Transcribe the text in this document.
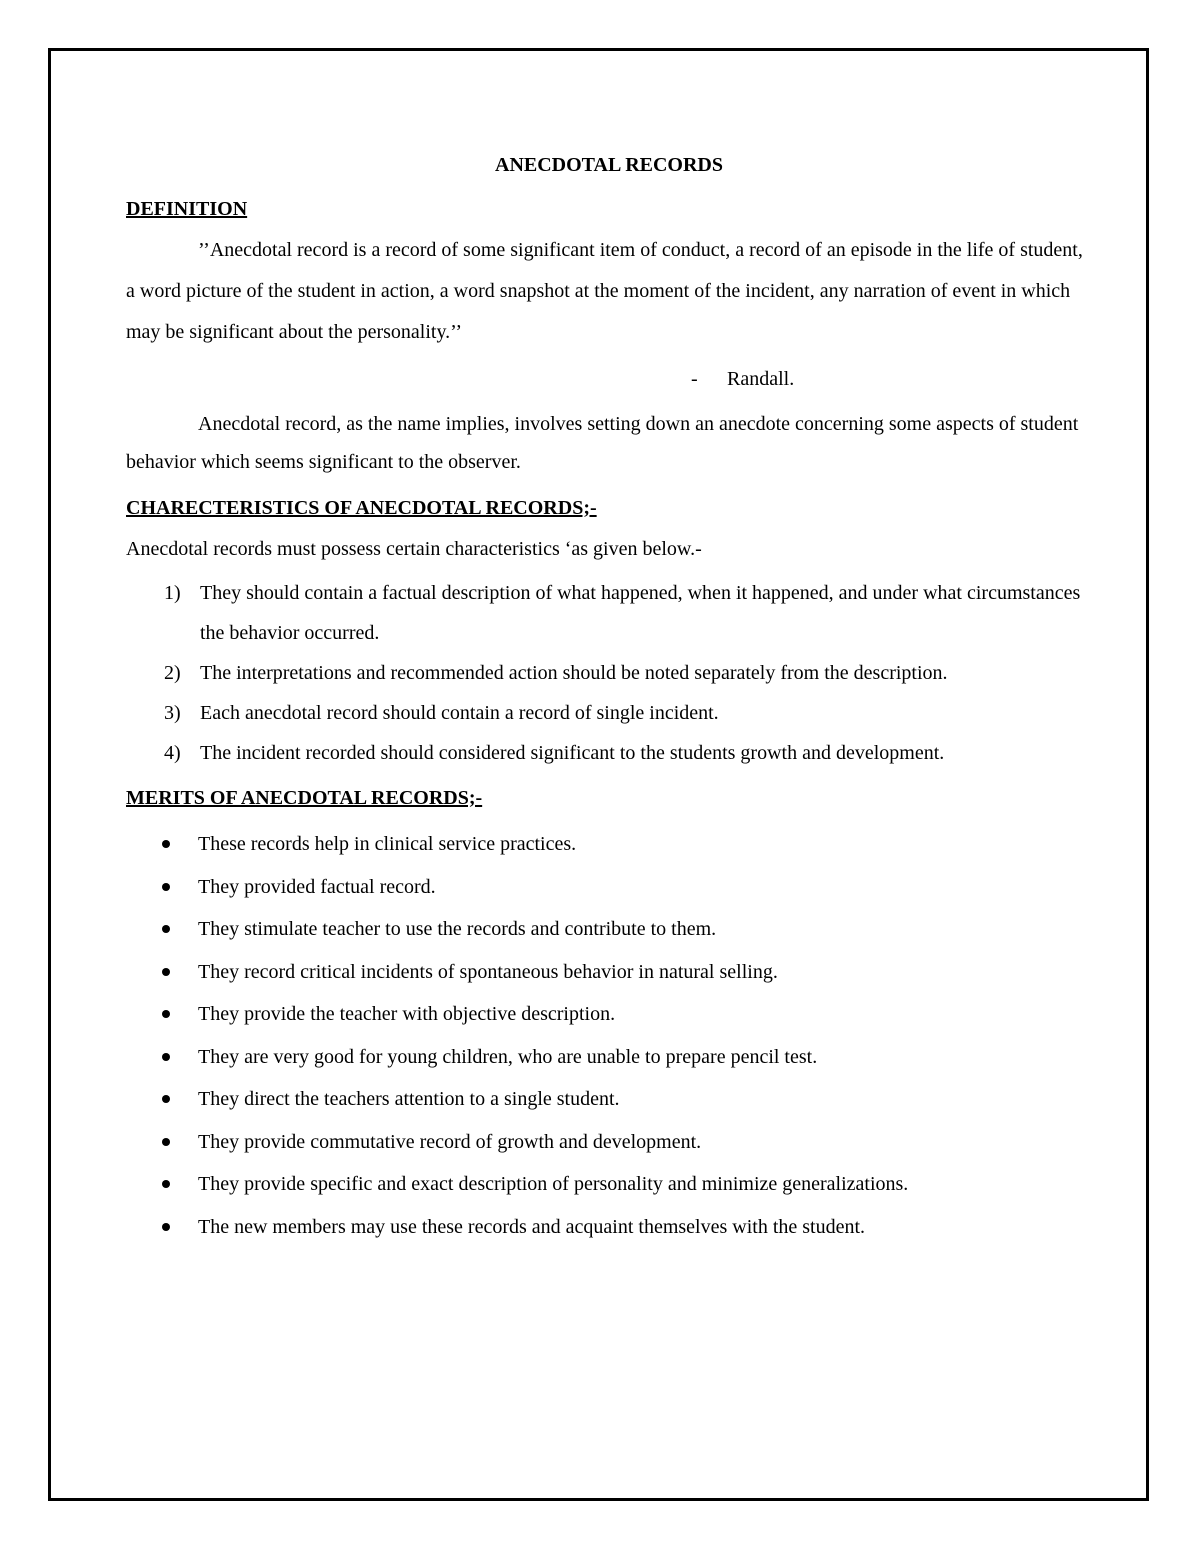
ANECDOTAL RECORDS
DEFINITION

’’Anecdotal record is a record of some significant item of conduct, a record of an episode in the life of student, a word picture of the student in action, a word snapshot at the moment of the incident, any narration of event in which may be significant about the personality.’’

- Randall.

Anecdotal record, as the name implies, involves setting down an anecdote concerning some aspects of student behavior which seems significant to the observer.

CHARECTERISTICS OF ANECDOTAL RECORDS;-

Anecdotal records must possess certain characteristics ‘as given below.-

1) They should contain a factual description of what happened, when it happened, and under what circumstances the behavior occurred.
2) The interpretations and recommended action should be noted separately from the description.
3) Each anecdotal record should contain a record of single incident.
4) The incident recorded should considered significant to the students growth and development.
MERITS OF ANECDOTAL RECORDS;-
These records help in clinical service practices.
They provided factual record.
They stimulate teacher to use the records and contribute to them.
They record critical incidents of spontaneous behavior in natural selling.
They provide the teacher with objective description.
They are very good for young children, who are unable to prepare pencil test.
They direct the teachers attention to a single student.
They provide commutative record of growth and development.
They provide specific and exact description of personality and minimize generalizations.
The new members may use these records and acquaint themselves with the student.
